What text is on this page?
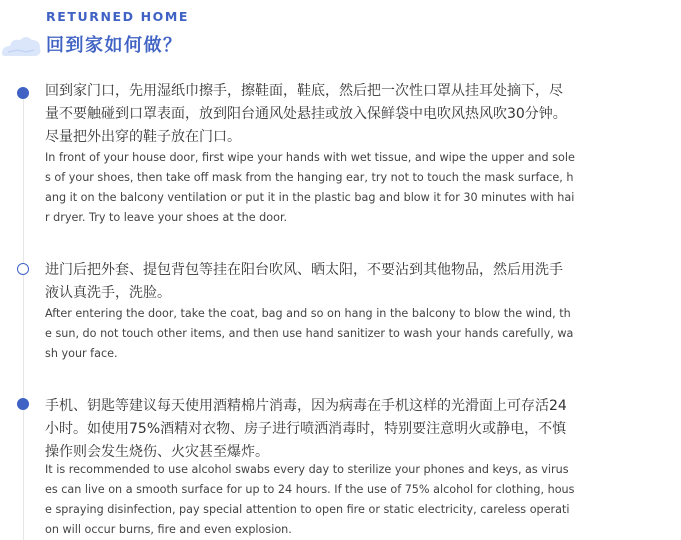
RETURNED HOME
回到家如何做？

回到家门口，先用湿纸巾擦手，擦鞋面，鞋底，然后把一次性口罩从挂耳处摘下，尽量不要触碰到口罩表面，放到阳台通风处悬挂或放入保鲜袋中电吹风热风吹30分钟。尽量把外出穿的鞋子放在门口。

In front of your house door, first wipe your hands with wet tissue, and wipe the upper and soles of your shoes, then take off mask from the hanging ear, try not to touch the mask surface, hang it on the balcony ventilation or put it in the plastic bag and blow it for 30 minutes with hair dryer. Try to leave your shoes at the door.

进门后把外套、提包背包等挂在阳台吹风、晒太阳，不要沾到其他物品，然后用洗手液认真洗手，洗脸。

After entering the door, take the coat, bag and so on hang in the balcony to blow the wind, the sun, do not touch other items, and then use hand sanitizer to wash your hands carefully, wash your face.

手机、钥匙等建议每天使用酒精棉片消毒，因为病毒在手机这样的光滑面上可存活24小时。如使用75%酒精对衣物、房子进行喷洒消毒时，特别要注意明火或静电，不慎操作则会发生烧伤、火灾甚至爆炸。

It is recommended to use alcohol swabs every day to sterilize your phones and keys, as viruses can live on a smooth surface for up to 24 hours. If the use of 75% alcohol for clothing, house spraying disinfection, pay special attention to open fire or static electricity, careless operation will occur burns, fire and even explosion.
